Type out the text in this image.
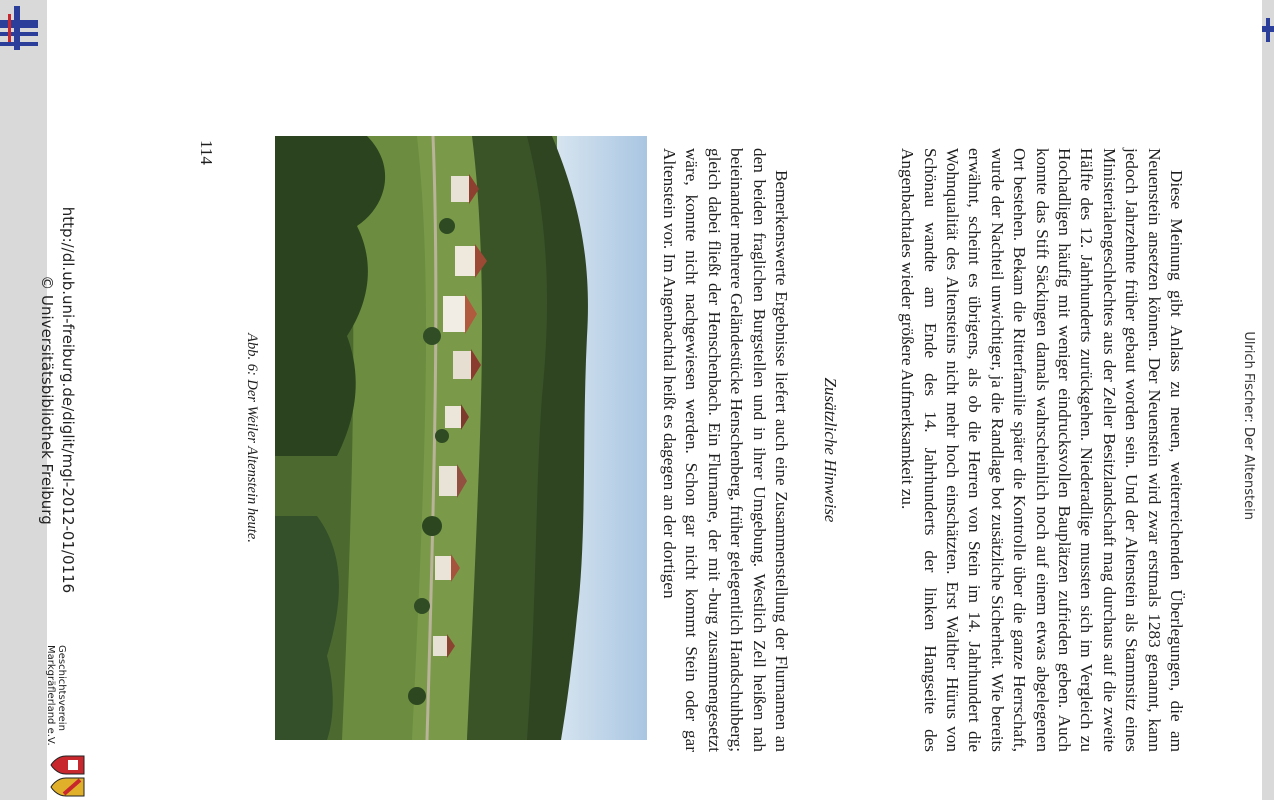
Ulrich Fischer: Der Altenstein

Diese Meinung gibt Anlass zu neuen, weiterreichenden Überlegungen, die am Neuenstein ansetzen können. Der Neuenstein wird zwar erstmals 1283 genannt, kann jedoch Jahrzehnte früher gebaut worden sein. Und der Altenstein als Stammsitz eines Ministerialengeschlechtes aus der Zeller Besitzlandschaft mag durchaus auf die zweite Hälfte des 12. Jahrhunderts zurückgehen. Niederadlige mussten sich im Vergleich zu Hochadligen häufig mit weniger eindrucksvollen Bauplätzen zufrieden geben. Auch konnte das Stift Säckingen damals wahrscheinlich noch auf einem etwas abgelegenen Ort bestehen. Bekam die Ritterfamilie später die Kontrolle über die ganze Herrschaft, wurde der Nachteil unwichtiger, ja die Randlage bot zusätzliche Sicherheit. Wie bereits erwähnt, scheint es übrigens, als ob die Herren von Stein im 14. Jahrhundert die Wohnqualität des Altensteins nicht mehr hoch einschätzten. Erst Walther Hürus von Schönau wandte am Ende des 14. Jahrhunderts der linken Hangseite des Angenbachtales wieder größere Aufmerksamkeit zu.

Zusätzliche Hinweise

Bemerkenswerte Ergebnisse liefert auch eine Zusammenstellung der Flurnamen an den beiden fraglichen Burgstellen und in ihrer Umgebung. Westlich Zell heißen nah beieinander mehrere Geländestücke Henschenberg, früher gelegentlich Handschuhberg; gleich dabei fließt der Henschenbach. Ein Flurname, der mit -burg zusammengesetzt wäre, konnte nicht nachgewiesen werden. Schon gar nicht kommt Stein oder gar Altenstein vor. Im Angenbachtal heißt es dagegen an der dortigen

Abb. 6: Der Weiler Altenstein heute.
114
http://dl.ub.uni-freiburg.de/diglit/mgl-2012-01/0116
© Universitätsbibliothek Freiburg
Geschichtsverein
Markgräflerland e.V.
